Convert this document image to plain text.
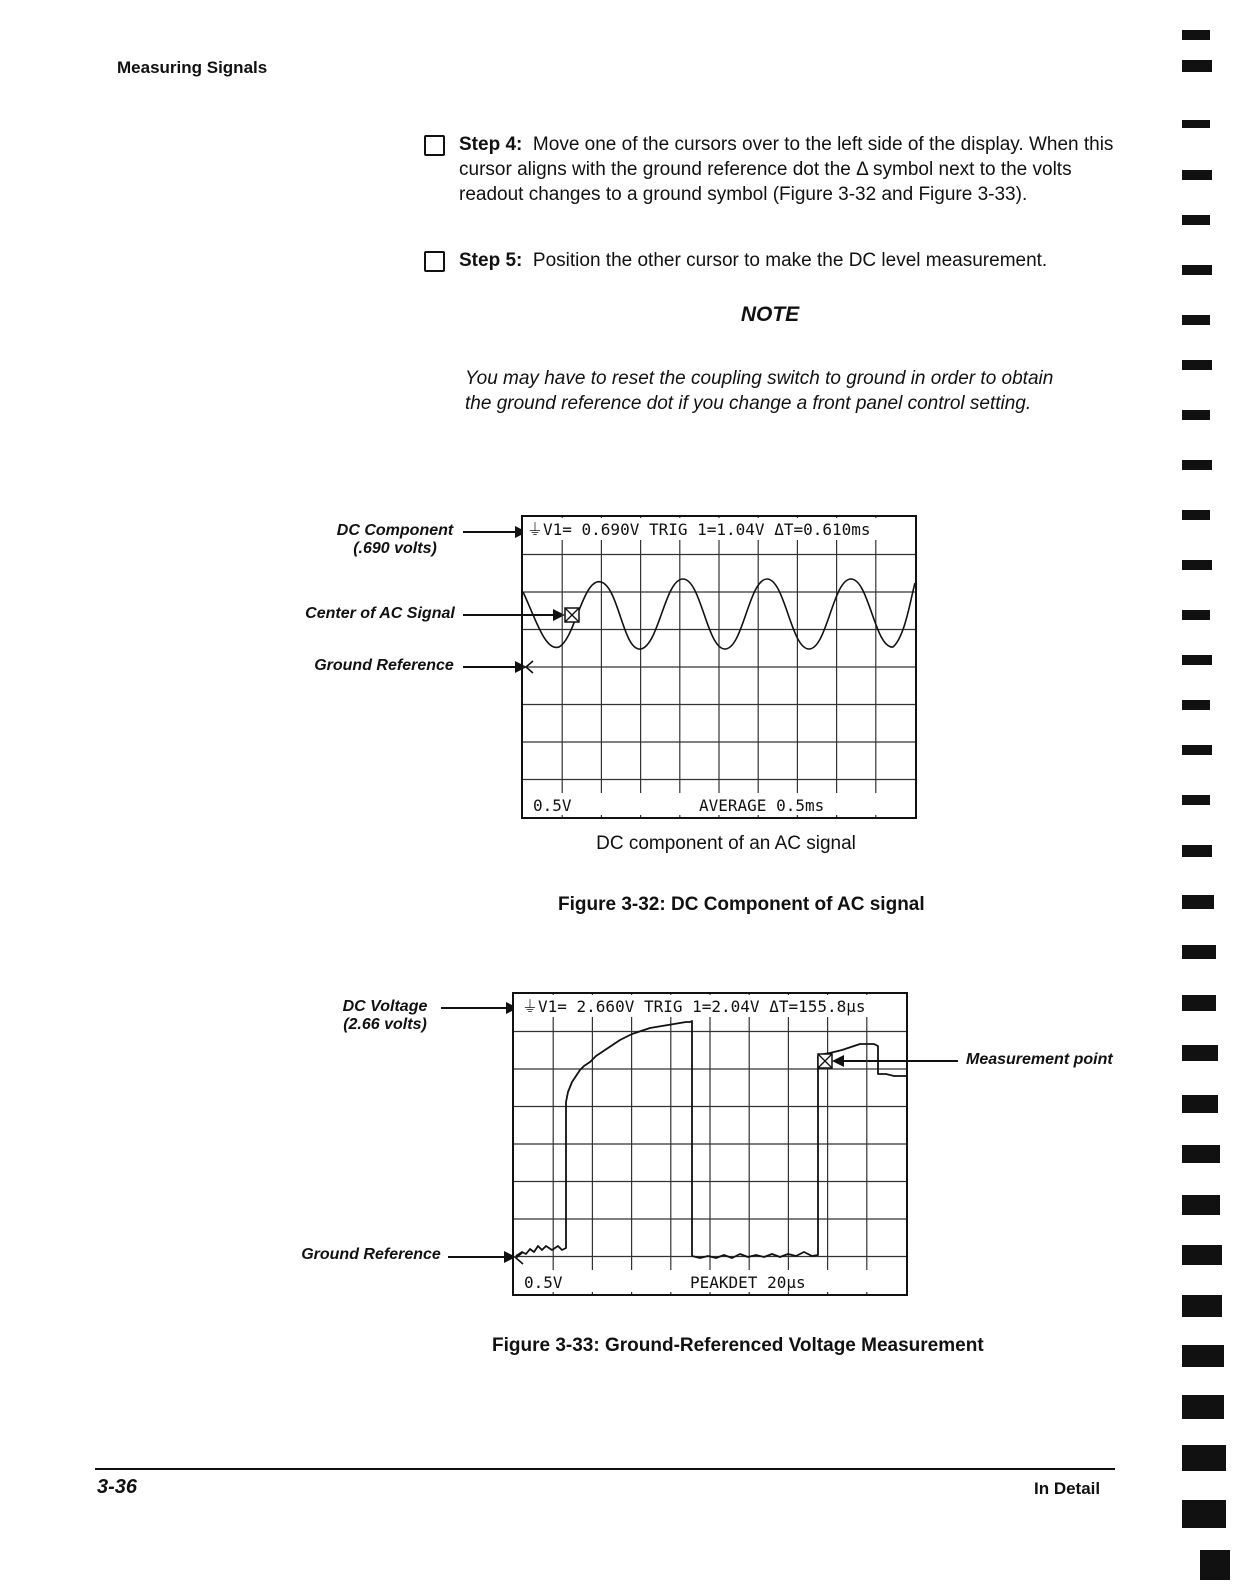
Measuring Signals
Step 4: Move one of the cursors over to the left side of the display. When this cursor aligns with the ground reference dot the Δ symbol next to the volts readout changes to a ground symbol (Figure 3-32 and Figure 3-33).
Step 5: Position the other cursor to make the DC level measurement.
NOTE
You may have to reset the coupling switch to ground in order to obtain the ground reference dot if you change a front panel control setting.
DC Component
(.690 volts)
Center of AC Signal
Ground Reference
⏚V1= 0.690V TRIG 1=1.04V ΔT=0.610ms
0.5V	AVERAGE 0.5ms
DC component of an AC signal
Figure 3-32: DC Component of AC signal
DC Voltage
(2.66 volts)
Ground Reference
Measurement point
⏚V1= 2.660V TRIG 1=2.04V ΔT=155.8μs
0.5V	PEAKDET 20μs
Figure 3-33: Ground-Referenced Voltage Measurement
3-36	In Detail
